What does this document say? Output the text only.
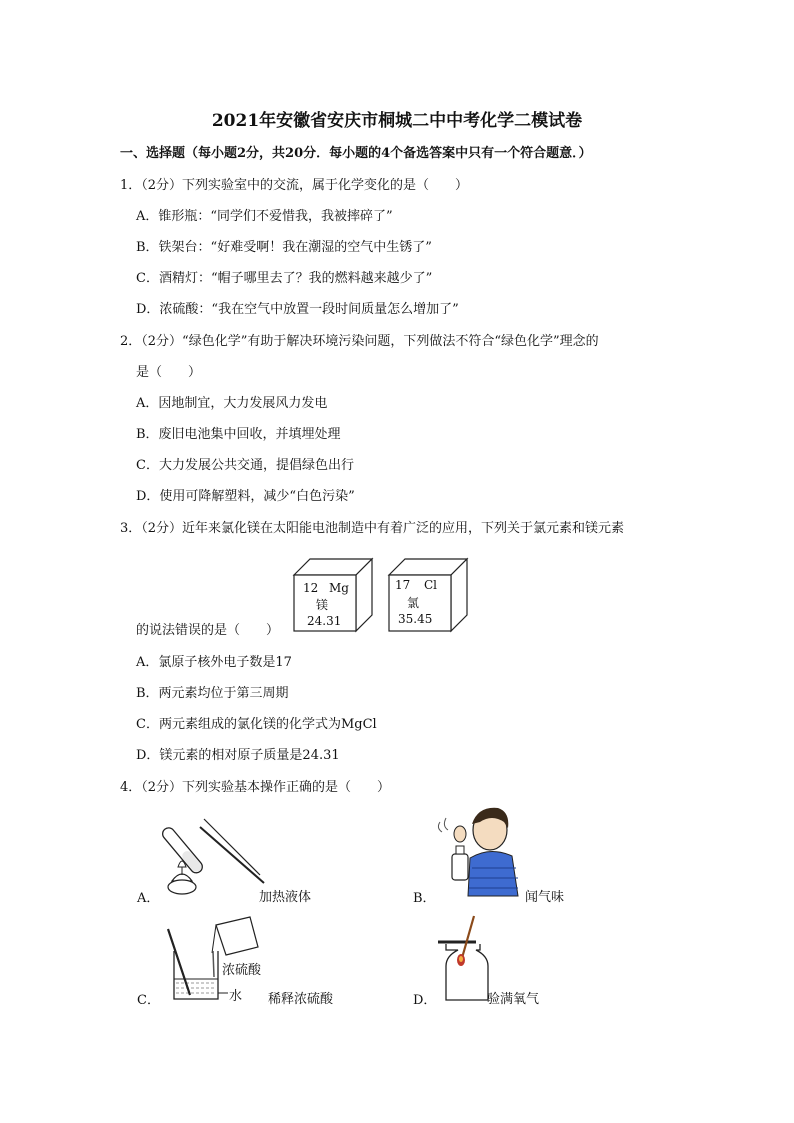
2021年安徽省安庆市桐城二中中考化学二模试卷
一、选择题（每小题2分，共20分．每小题的4个备选答案中只有一个符合题意．）
1．（2分）下列实验室中的交流，属于化学变化的是（　　）
A．锥形瓶：“同学们不爱惜我，我被摔碎了”
B．铁架台：“好难受啊！我在潮湿的空气中生锈了”
C．酒精灯：“帽子哪里去了？我的燃料越来越少了”
D．浓硫酸：“我在空气中放置一段时间质量怎么增加了”
2．（2分）“绿色化学”有助于解决环境污染问题，下列做法不符合“绿色化学”理念的
是（　　）
A．因地制宜，大力发展风力发电
B．废旧电池集中回收，并填埋处理
C．大力发展公共交通，提倡绿色出行
D．使用可降解塑料，减少“白色污染”
3．（2分）近年来氯化镁在太阳能电池制造中有着广泛的应用，下列关于氯元素和镁元素
12 Mg
镁
24.31
17 Cl
氯
35.45
的说法错误的是（　　）
A．氯原子核外电子数是17
B．两元素均位于第三周期
C．两元素组成的氯化镁的化学式为MgCl
D．镁元素的相对原子质量是24.31
4．（2分）下列实验基本操作正确的是（　　）
A．	加热液体	B．	闻气味
浓硫酸
水
C．	稀释浓硫酸	D．	验满氧气
